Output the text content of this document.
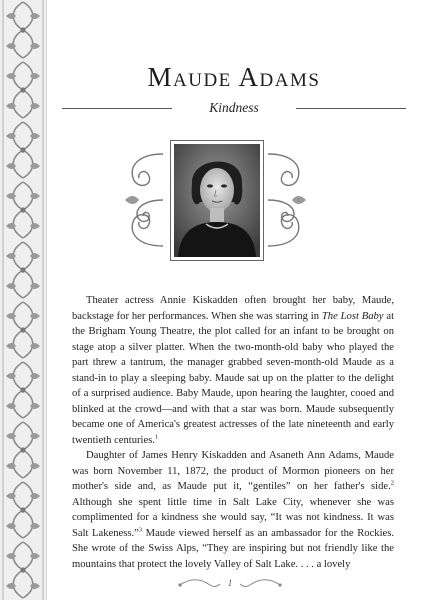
Maude Adams
Kindness

Theater actress Annie Kiskadden often brought her baby, Maude, backstage for her performances. When she was starring in The Lost Baby at the Brigham Young Theatre, the plot called for an infant to be brought on stage atop a silver platter. When the two-month-old baby who played the part threw a tantrum, the manager grabbed seven-month-old Maude as a stand-in to play a sleeping baby. Maude sat up on the platter to the delight of a surprised audience. Baby Maude, upon hearing the laughter, cooed and blinked at the crowd—and with that a star was born. Maude subsequently became one of America's greatest actresses of the late nineteenth and early twentieth centuries.$^1$

Daughter of James Henry Kiskadden and Asaneth Ann Adams, Maude was born November 11, 1872, the product of Mormon pioneers on her mother's side and, as Maude put it, “gentiles” on her father's side.$^2$ Although she spent little time in Salt Lake City, whenever she was complimented for a kindness she would say, “It was not kindness. It was Salt Lakeness.”$^3$ Maude viewed herself as an ambassador for the Rockies. She wrote of the Swiss Alps, “They are inspiring but not friendly like the mountains that protect the lovely Valley of Salt Lake. . . . a lovely

1
